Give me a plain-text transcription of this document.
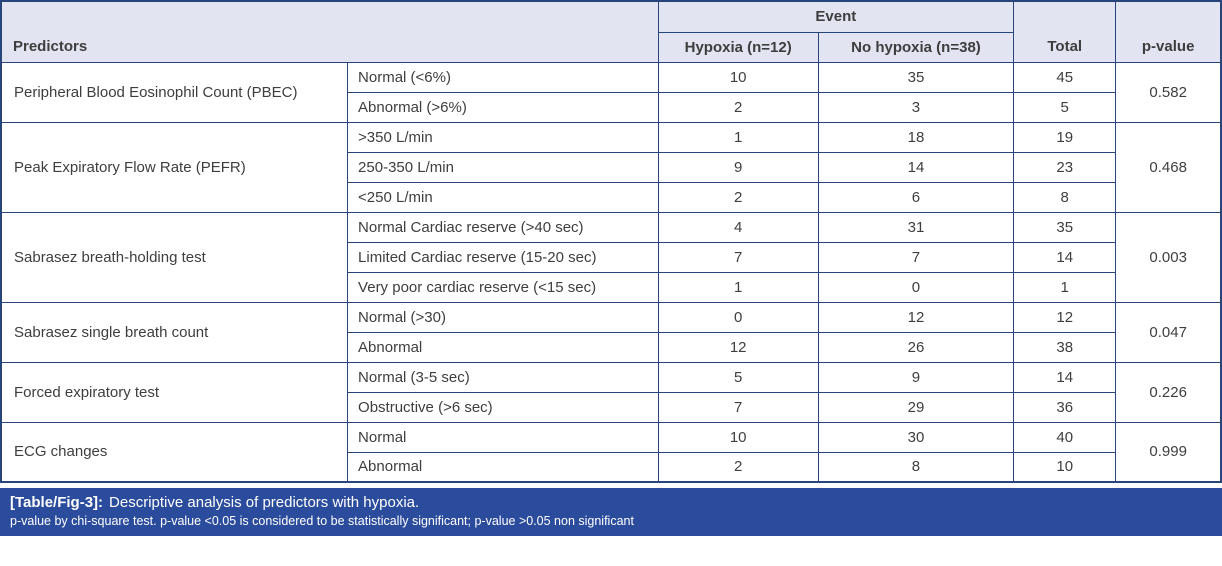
Predictors		Event		Total	p-value
		Hypoxia (n=12)	No hypoxia (n=38)		
Peripheral Blood Eosinophil Count (PBEC)	Normal (<6%)	10	35	45	0.582
	Abnormal (>6%)	2	3	5	
Peak Expiratory Flow Rate (PEFR)	>350 L/min	1	18	19	0.468
	250-350 L/min	9	14	23	
	<250 L/min	2	6	8	
Sabrasez breath-holding test	Normal Cardiac reserve (>40 sec)	4	31	35	0.003
	Limited Cardiac reserve (15-20 sec)	7	7	14	
	Very poor cardiac reserve (<15 sec)	1	0	1	
Sabrasez single breath count	Normal (>30)	0	12	12	0.047
	Abnormal	12	26	38	
Forced expiratory test	Normal (3-5 sec)	5	9	14	0.226
	Obstructive (>6 sec)	7	29	36	
ECG changes	Normal	10	30	40	0.999
	Abnormal	2	8	10	
[Table/Fig-3]: Descriptive analysis of predictors with hypoxia.
p-value by chi-square test. p-value <0.05 is considered to be statistically significant; p-value >0.05 non significant
